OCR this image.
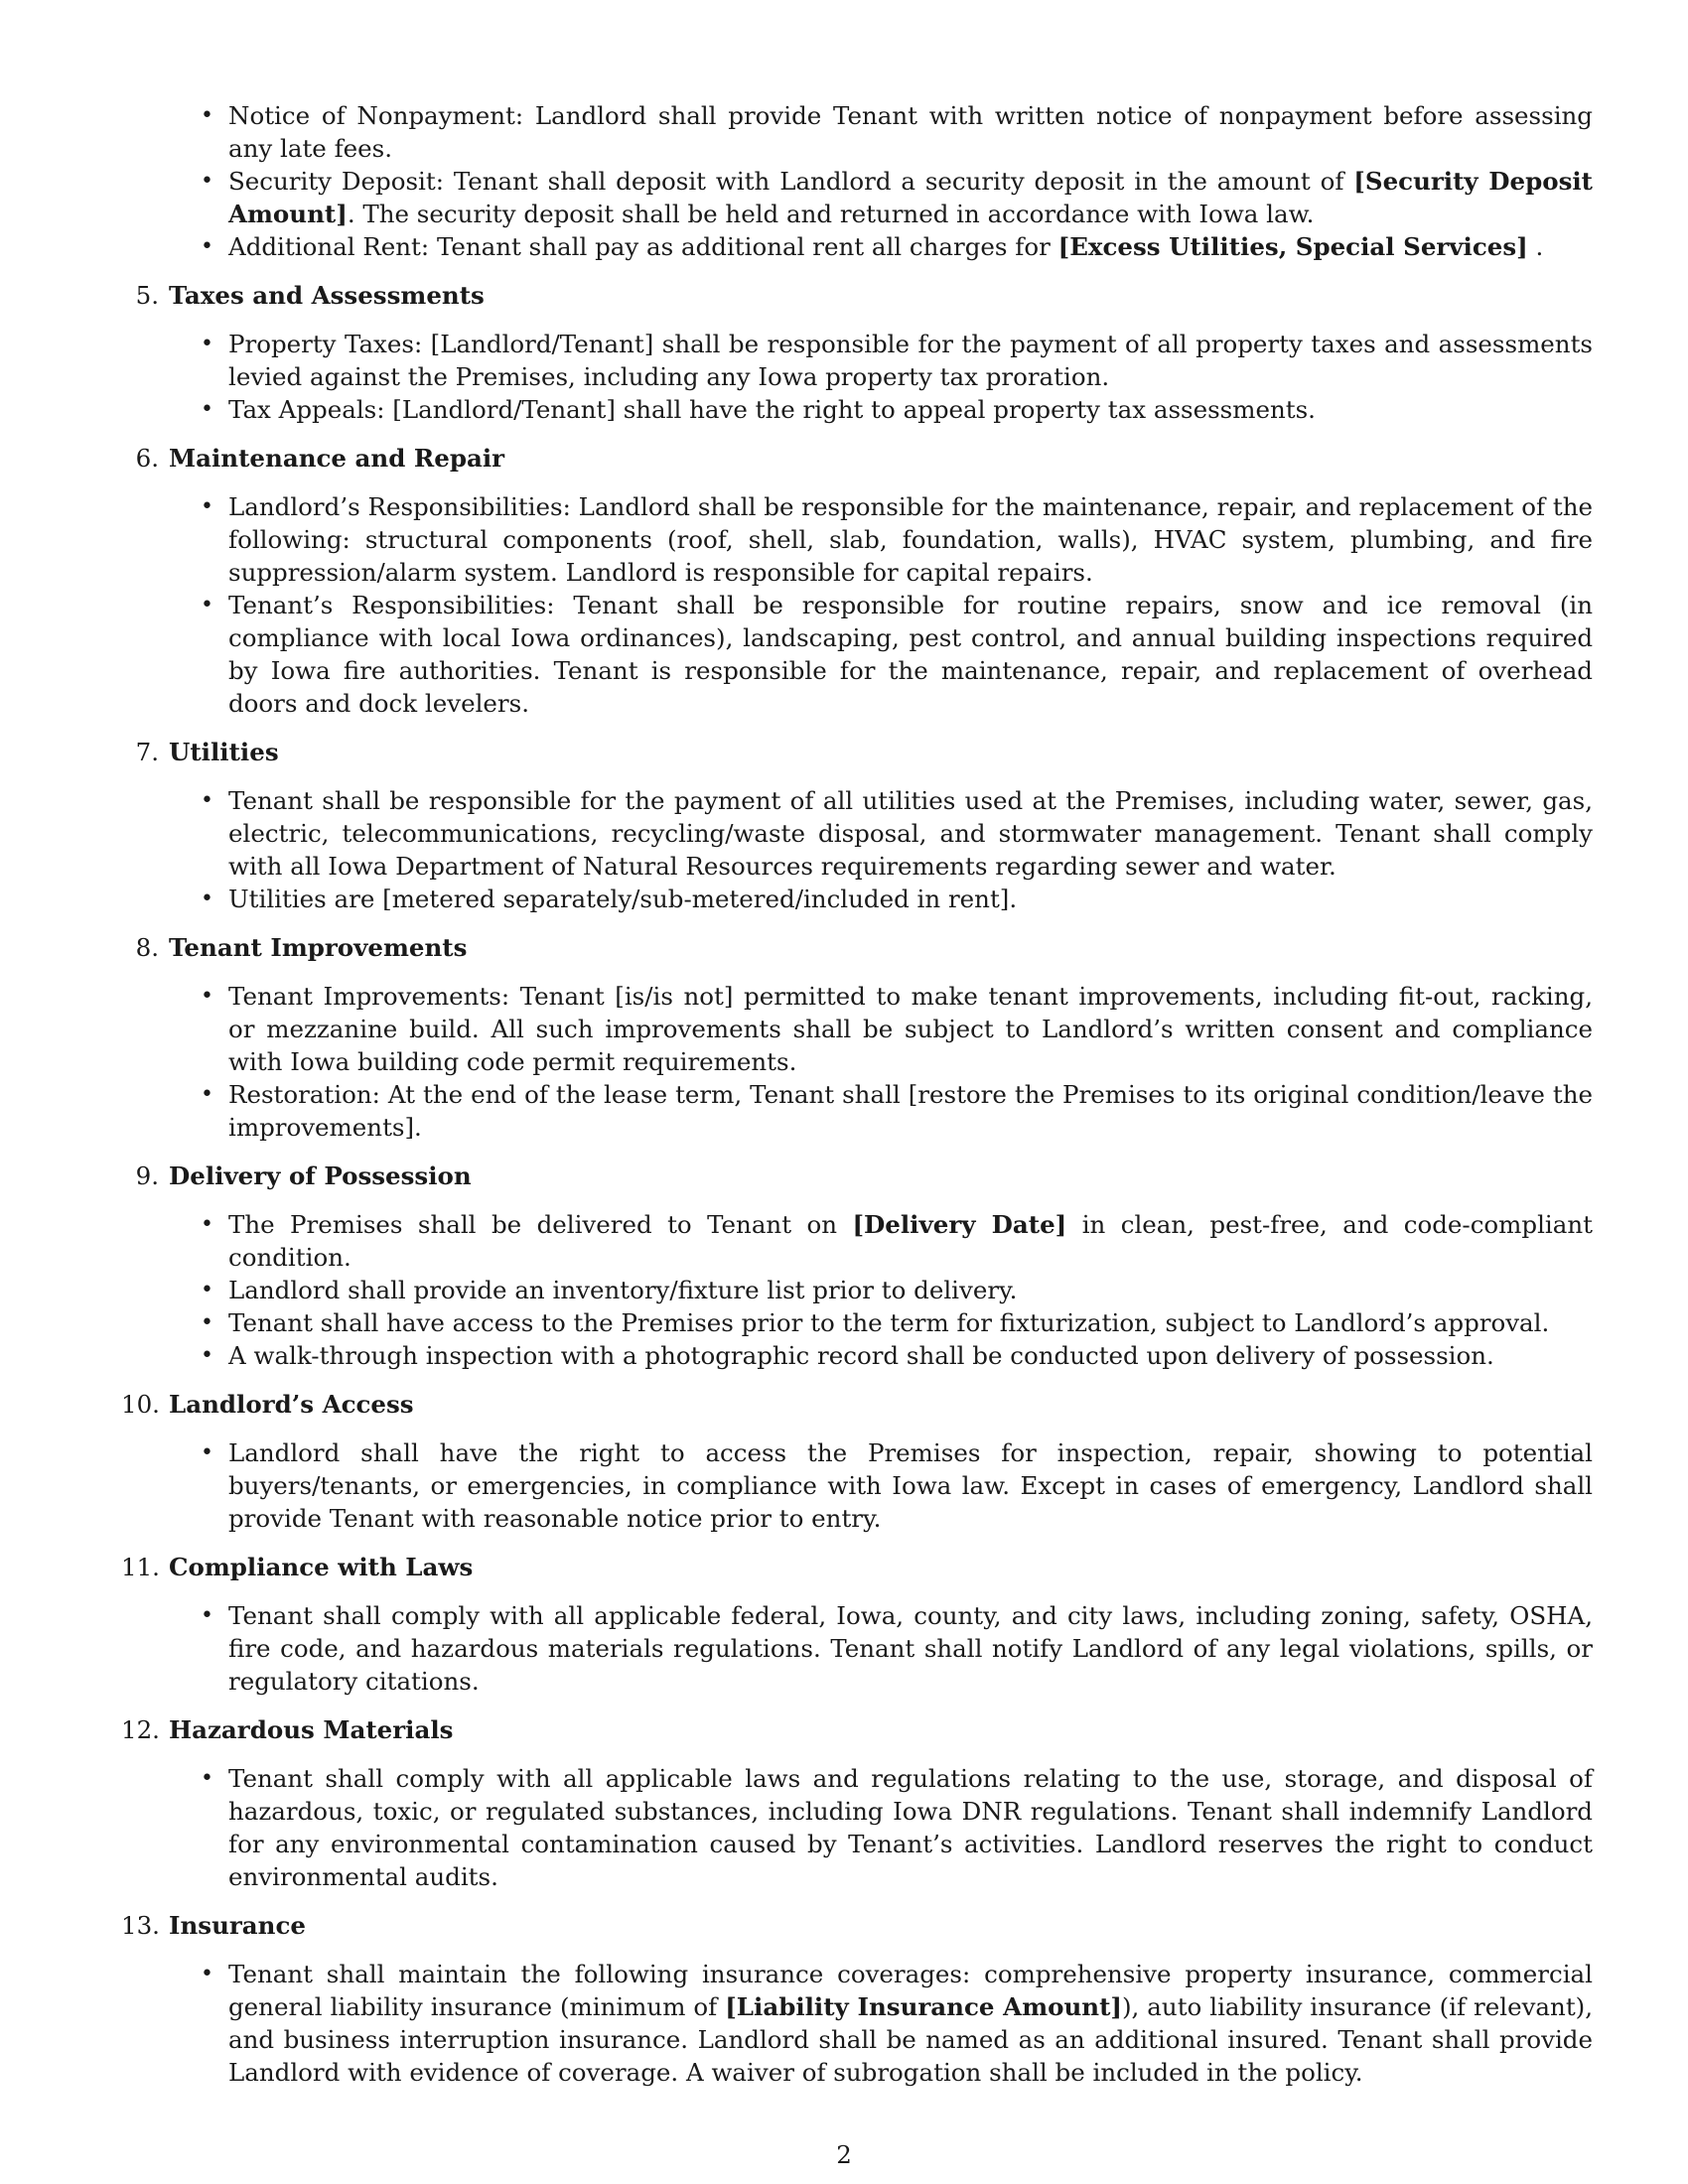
• Notice of Nonpayment: Landlord shall provide Tenant with written notice of nonpayment before assessing any late fees.
• Security Deposit: Tenant shall deposit with Landlord a security deposit in the amount of [Security Deposit Amount]. The security deposit shall be held and returned in accordance with Iowa law.
• Additional Rent: Tenant shall pay as additional rent all charges for [Excess Utilities, Special Services] .
5. Taxes and Assessments
• Property Taxes: [Landlord/Tenant] shall be responsible for the payment of all property taxes and assessments levied against the Premises, including any Iowa property tax proration.
• Tax Appeals: [Landlord/Tenant] shall have the right to appeal property tax assessments.
6. Maintenance and Repair
• Landlord’s Responsibilities: Landlord shall be responsible for the maintenance, repair, and replacement of the following: structural components (roof, shell, slab, foundation, walls), HVAC system, plumbing, and fire suppression/alarm system. Landlord is responsible for capital repairs.
• Tenant’s Responsibilities: Tenant shall be responsible for routine repairs, snow and ice removal (in compliance with local Iowa ordinances), landscaping, pest control, and annual building inspections required by Iowa fire authorities. Tenant is responsible for the maintenance, repair, and replacement of overhead doors and dock levelers.
7. Utilities
• Tenant shall be responsible for the payment of all utilities used at the Premises, including water, sewer, gas, electric, telecommunications, recycling/waste disposal, and stormwater management. Tenant shall comply with all Iowa Department of Natural Resources requirements regarding sewer and water.
• Utilities are [metered separately/sub-metered/included in rent].
8. Tenant Improvements
• Tenant Improvements: Tenant [is/is not] permitted to make tenant improvements, including fit-out, racking, or mezzanine build. All such improvements shall be subject to Landlord’s written consent and compliance with Iowa building code permit requirements.
• Restoration: At the end of the lease term, Tenant shall [restore the Premises to its original condition/leave the improvements].
9. Delivery of Possession
• The Premises shall be delivered to Tenant on [Delivery Date] in clean, pest-free, and code-compliant condition.
• Landlord shall provide an inventory/fixture list prior to delivery.
• Tenant shall have access to the Premises prior to the term for fixturization, subject to Landlord’s approval.
• A walk-through inspection with a photographic record shall be conducted upon delivery of possession.
10. Landlord’s Access
• Landlord shall have the right to access the Premises for inspection, repair, showing to potential buyers/tenants, or emergencies, in compliance with Iowa law. Except in cases of emergency, Landlord shall provide Tenant with reasonable notice prior to entry.
11. Compliance with Laws
• Tenant shall comply with all applicable federal, Iowa, county, and city laws, including zoning, safety, OSHA, fire code, and hazardous materials regulations. Tenant shall notify Landlord of any legal violations, spills, or regulatory citations.
12. Hazardous Materials
• Tenant shall comply with all applicable laws and regulations relating to the use, storage, and disposal of hazardous, toxic, or regulated substances, including Iowa DNR regulations. Tenant shall indemnify Landlord for any environmental contamination caused by Tenant’s activities. Landlord reserves the right to conduct environmental audits.
13. Insurance
• Tenant shall maintain the following insurance coverages: comprehensive property insurance, commercial general liability insurance (minimum of [Liability Insurance Amount]), auto liability insurance (if relevant), and business interruption insurance. Landlord shall be named as an additional insured. Tenant shall provide Landlord with evidence of coverage. A waiver of subrogation shall be included in the policy.
2
